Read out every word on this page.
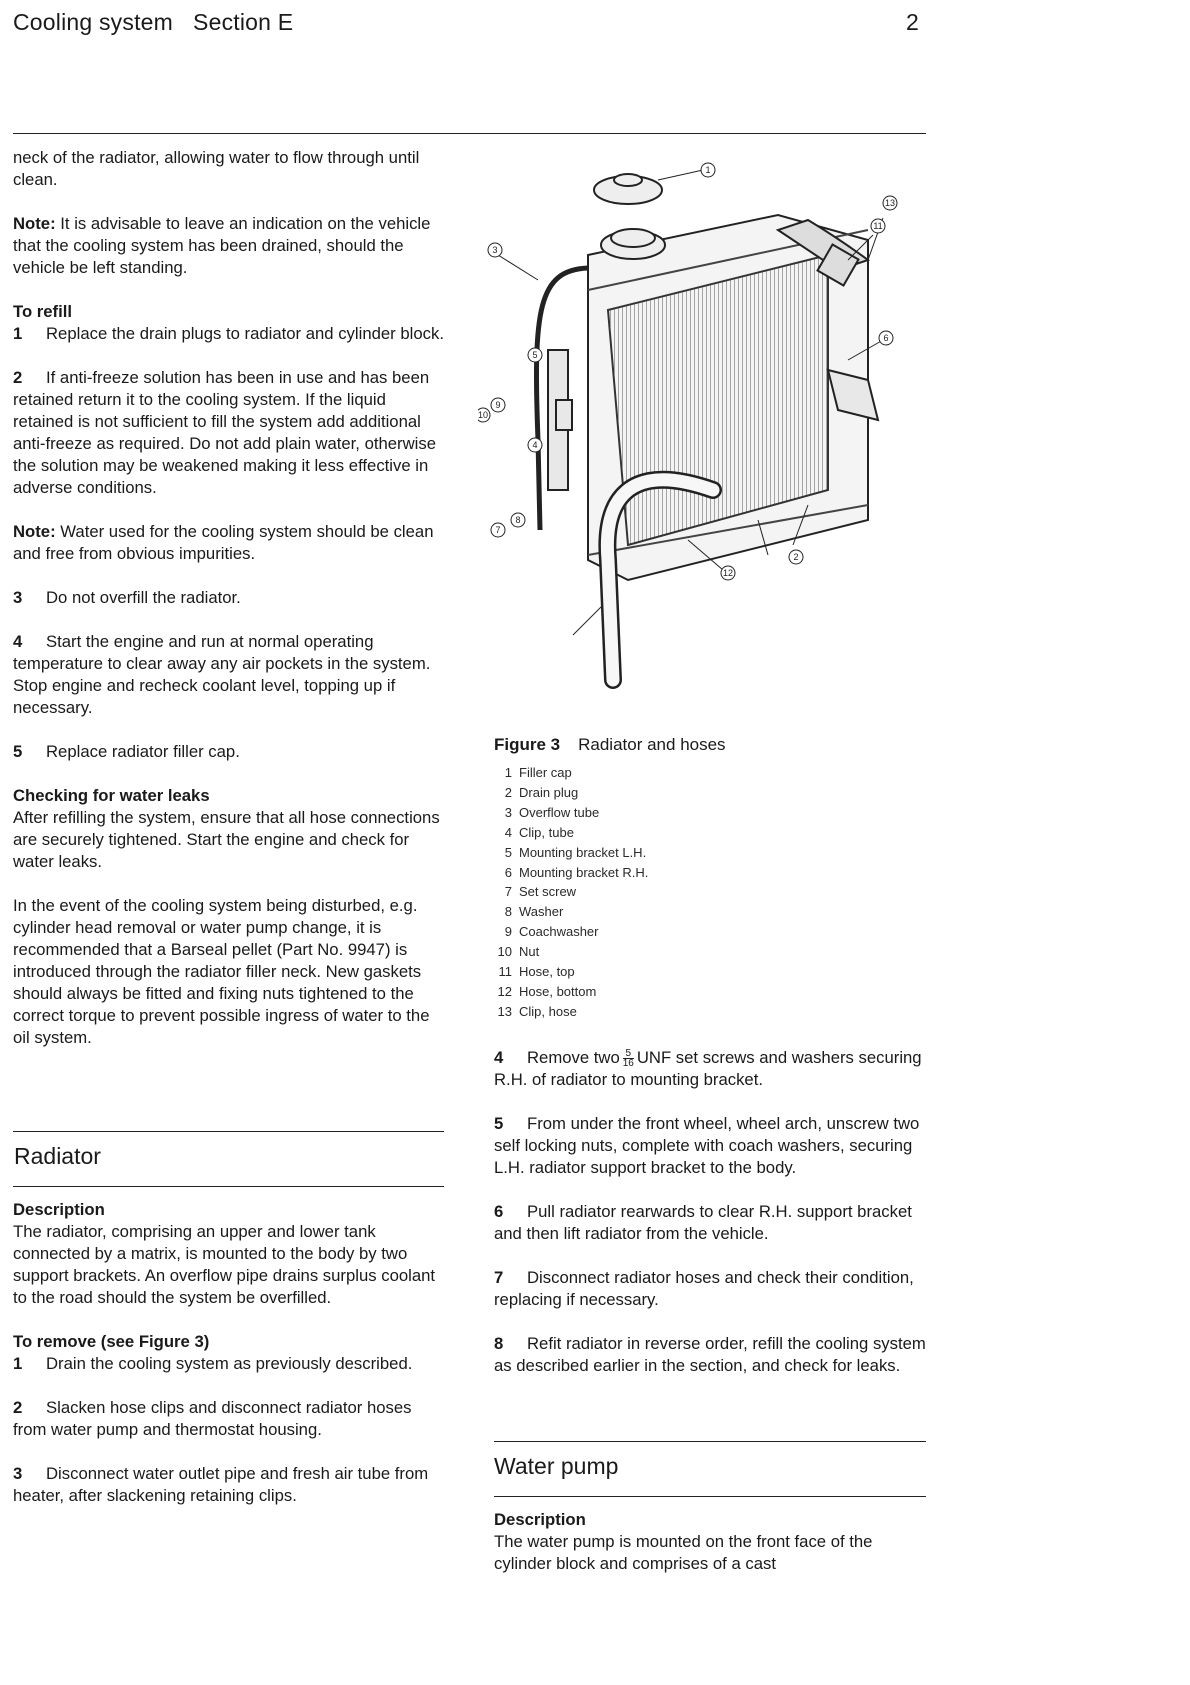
Cooling system Section E	2

neck of the radiator, allowing water to flow through until clean.

Note: It is advisable to leave an indication on the vehicle that the cooling system has been drained, should the vehicle be left standing.

To refill

1 Replace the drain plugs to radiator and cylinder block.

2 If anti-freeze solution has been in use and has been retained return it to the cooling system. If the liquid retained is not sufficient to fill the system add additional anti-freeze as required. Do not add plain water, otherwise the solution may be weakened making it less effective in adverse conditions.

Note: Water used for the cooling system should be clean and free from obvious impurities.

3 Do not overfill the radiator.

4 Start the engine and run at normal operating temperature to clear away any air pockets in the system. Stop engine and recheck coolant level, topping up if necessary.

5 Replace radiator filler cap.

Checking for water leaks

After refilling the system, ensure that all hose connections are securely tightened. Start the engine and check for water leaks.

In the event of the cooling system being disturbed, e.g. cylinder head removal or water pump change, it is recommended that a Barseal pellet (Part No. 9947) is introduced through the radiator filler neck. New gaskets should always be fitted and fixing nuts tightened to the correct torque to prevent possible ingress of water to the oil system.

Radiator
Description

The radiator, comprising an upper and lower tank connected by a matrix, is mounted to the body by two support brackets. An overflow pipe drains surplus coolant to the road should the system be overfilled.

To remove (see Figure 3)

1 Drain the cooling system as previously described.

2 Slacken hose clips and disconnect radiator hoses from water pump and thermostat housing.

3 Disconnect water outlet pipe and fresh air tube from heater, after slackening retaining clips.

1
2
3
4
5
6
7
8
9
10
11
12
13
Figure 3 Radiator and hoses
1 Filler cap
2 Drain plug
3 Overflow tube
4 Clip, tube
5 Mounting bracket L.H.
6 Mounting bracket R.H.
7 Set screw
8 Washer
9 Coachwasher
10 Nut
11 Hose, top
12 Hose, bottom
13 Clip, hose

4 Remove two $\frac{5}{16}$ UNF set screws and washers securing R.H. of radiator to mounting bracket.

5 From under the front wheel, wheel arch, unscrew two self locking nuts, complete with coach washers, securing L.H. radiator support bracket to the body.

6 Pull radiator rearwards to clear R.H. support bracket and then lift radiator from the vehicle.

7 Disconnect radiator hoses and check their condition, replacing if necessary.

8 Refit radiator in reverse order, refill the cooling system as described earlier in the section, and check for leaks.

Water pump
Description

The water pump is mounted on the front face of the cylinder block and comprises of a cast
